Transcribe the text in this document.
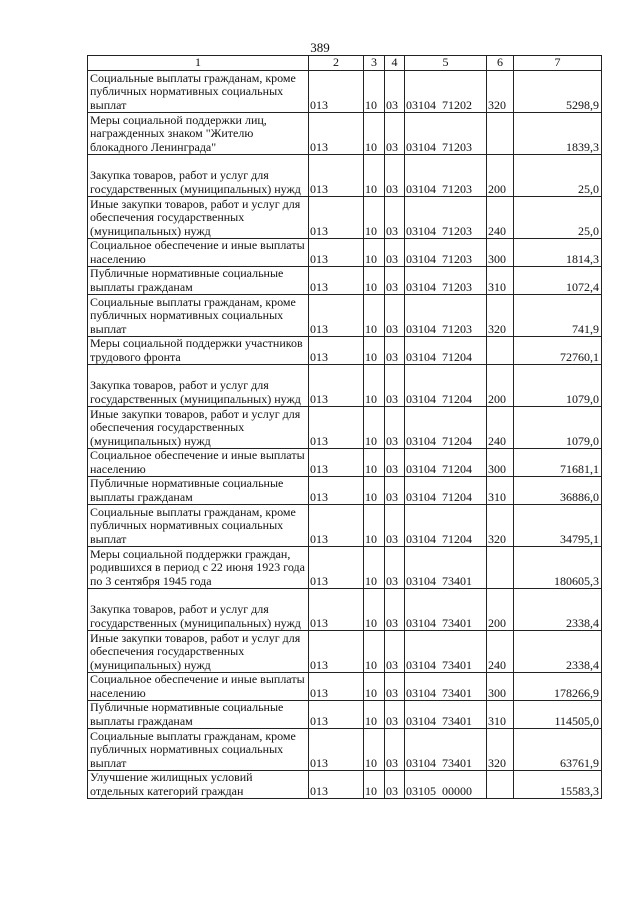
389
1	2	3	4	5	6	7
Социальные выплаты гражданам, кроме публичных нормативных социальных выплат	013	10	03	03104  71202	320	5298,9
Меры социальной поддержки лиц, награжденных знаком "Жителю блокадного Ленинграда"	013	10	03	03104  71203		1839,3
Закупка товаров, работ и услуг для государственных (муниципальных) нужд	013	10	03	03104  71203	200	25,0
Иные закупки товаров, работ и услуг для обеспечения государственных (муниципальных) нужд	013	10	03	03104  71203	240	25,0
Социальное обеспечение и иные выплаты населению	013	10	03	03104  71203	300	1814,3
Публичные нормативные социальные выплаты гражданам	013	10	03	03104  71203	310	1072,4
Социальные выплаты гражданам, кроме публичных нормативных социальных выплат	013	10	03	03104  71203	320	741,9
Меры социальной поддержки участников трудового фронта	013	10	03	03104  71204		72760,1
Закупка товаров, работ и услуг для государственных (муниципальных) нужд	013	10	03	03104  71204	200	1079,0
Иные закупки товаров, работ и услуг для обеспечения государственных (муниципальных) нужд	013	10	03	03104  71204	240	1079,0
Социальное обеспечение и иные выплаты населению	013	10	03	03104  71204	300	71681,1
Публичные нормативные социальные выплаты гражданам	013	10	03	03104  71204	310	36886,0
Социальные выплаты гражданам, кроме публичных нормативных социальных выплат	013	10	03	03104  71204	320	34795,1
Меры социальной поддержки граждан, родившихся в период с 22 июня 1923 года по 3 сентября 1945 года	013	10	03	03104  73401		180605,3
Закупка товаров, работ и услуг для государственных (муниципальных) нужд	013	10	03	03104  73401	200	2338,4
Иные закупки товаров, работ и услуг для обеспечения государственных (муниципальных) нужд	013	10	03	03104  73401	240	2338,4
Социальное обеспечение и иные выплаты населению	013	10	03	03104  73401	300	178266,9
Публичные нормативные социальные выплаты гражданам	013	10	03	03104  73401	310	114505,0
Социальные выплаты гражданам, кроме публичных нормативных социальных выплат	013	10	03	03104  73401	320	63761,9
Улучшение жилищных условий отдельных категорий граждан	013	10	03	03105  00000		15583,3
